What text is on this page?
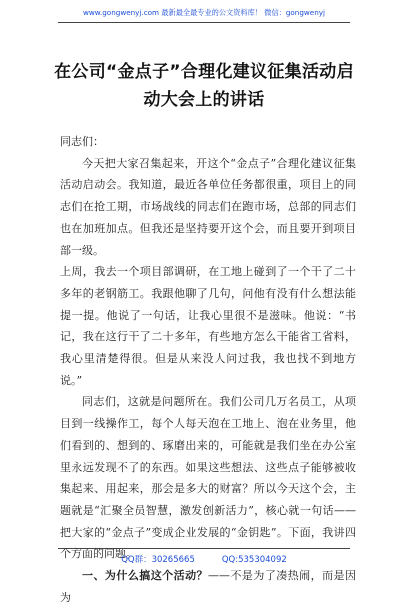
www.gongwenyj.com 最新最全最专业的公文资料库！ 微信：gongwenyj
在公司“金点子”合理化建议征集活动启
动大会上的讲话

同志们：

今天把大家召集起来，开这个“金点子”合理化建议征集活动启动会。我知道，最近各单位任务都很重，项目上的同志们在抢工期，市场战线的同志们在跑市场，总部的同志们也在加班加点。但我还是坚持要开这个会，而且要开到项目部一级。

上周，我去一个项目部调研，在工地上碰到了一个干了二十多年的老钢筋工。我跟他聊了几句，问他有没有什么想法能提一提。他说了一句话，让我心里很不是滋味。他说：“书记，我在这行干了二十多年，有些地方怎么干能省工省料，我心里清楚得很。但是从来没人问过我，我也找不到地方说。”

同志们，这就是问题所在。我们公司几万名员工，从项目到一线操作工，每个人每天泡在工地上、泡在业务里，他们看到的、想到的、琢磨出来的，可能就是我们坐在办公室里永远发现不了的东西。如果这些想法、这些点子能够被收集起来、用起来，那会是多大的财富？所以今天这个会，主题就是“汇聚全员智慧，激发创新活力”，核心就一句话——把大家的“金点子”变成企业发展的“金钥匙”。下面，我讲四个方面的问题。

一、为什么搞这个活动？——不是为了凑热闹，而是因为

QQ群：30265665          QQ:535304092
